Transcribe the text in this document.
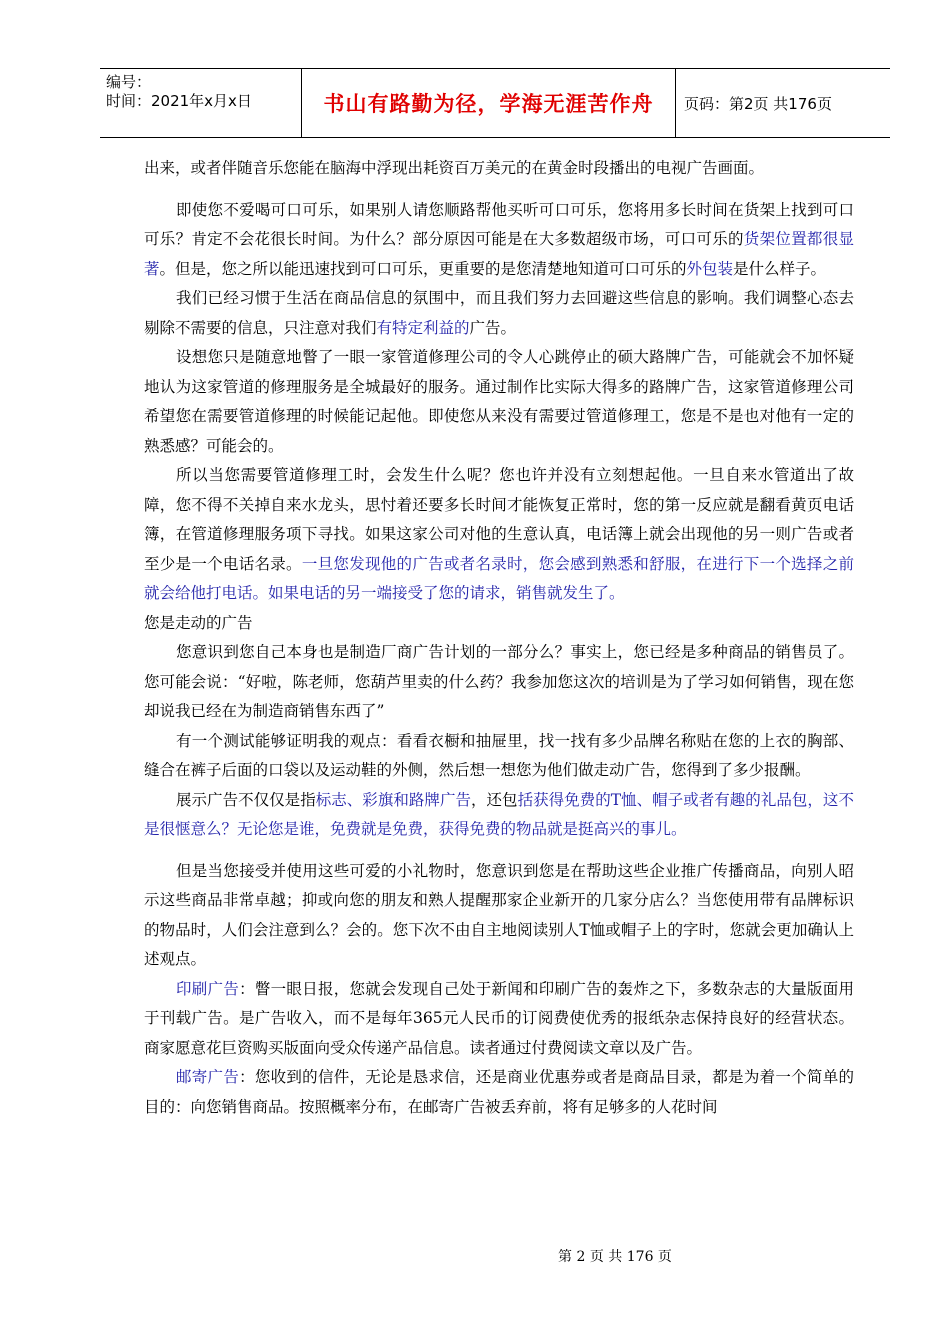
编号：
时间：2021年x月x日	书山有路勤为径，学海无涯苦作舟	页码：第2页 共176页

出来，或者伴随音乐您能在脑海中浮现出耗资百万美元的在黄金时段播出的电视广告画面。

即使您不爱喝可口可乐，如果别人请您顺路帮他买听可口可乐，您将用多长时间在货架上找到可口可乐？肯定不会花很长时间。为什么？部分原因可能是在大多数超级市场，可口可乐的货架位置都很显著。但是，您之所以能迅速找到可口可乐，更重要的是您清楚地知道可口可乐的外包装是什么样子。

我们已经习惯于生活在商品信息的氛围中，而且我们努力去回避这些信息的影响。我们调整心态去剔除不需要的信息，只注意对我们有特定利益的广告。

设想您只是随意地瞥了一眼一家管道修理公司的令人心跳停止的硕大路牌广告，可能就会不加怀疑地认为这家管道的修理服务是全城最好的服务。通过制作比实际大得多的路牌广告，这家管道修理公司希望您在需要管道修理的时候能记起他。即使您从来没有需要过管道修理工，您是不是也对他有一定的熟悉感？可能会的。

所以当您需要管道修理工时，会发生什么呢？您也许并没有立刻想起他。一旦自来水管道出了故障，您不得不关掉自来水龙头，思忖着还要多长时间才能恢复正常时，您的第一反应就是翻看黄页电话簿，在管道修理服务项下寻找。如果这家公司对他的生意认真，电话簿上就会出现他的另一则广告或者至少是一个电话名录。一旦您发现他的广告或者名录时，您会感到熟悉和舒服，在进行下一个选择之前就会给他打电话。如果电话的另一端接受了您的请求，销售就发生了。

您是走动的广告

您意识到您自己本身也是制造厂商广告计划的一部分么？事实上，您已经是多种商品的销售员了。您可能会说：“好啦，陈老师，您葫芦里卖的什么药？我参加您这次的培训是为了学习如何销售，现在您却说我已经在为制造商销售东西了”

有一个测试能够证明我的观点：看看衣橱和抽屉里，找一找有多少品牌名称贴在您的上衣的胸部、缝合在裤子后面的口袋以及运动鞋的外侧，然后想一想您为他们做走动广告，您得到了多少报酬。

展示广告不仅仅是指标志、彩旗和路牌广告，还包括获得免费的T恤、帽子或者有趣的礼品包，这不是很惬意么？无论您是谁，免费就是免费，获得免费的物品就是挺高兴的事儿。

但是当您接受并使用这些可爱的小礼物时，您意识到您是在帮助这些企业推广传播商品，向别人昭示这些商品非常卓越；抑或向您的朋友和熟人提醒那家企业新开的几家分店么？当您使用带有品牌标识的物品时，人们会注意到么？会的。您下次不由自主地阅读别人T恤或帽子上的字时，您就会更加确认上述观点。

印刷广告：瞥一眼日报，您就会发现自己处于新闻和印刷广告的轰炸之下，多数杂志的大量版面用于刊载广告。是广告收入，而不是每年365元人民币的订阅费使优秀的报纸杂志保持良好的经营状态。商家愿意花巨资购买版面向受众传递产品信息。读者通过付费阅读文章以及广告。

邮寄广告：您收到的信件，无论是恳求信，还是商业优惠券或者是商品目录，都是为着一个简单的目的：向您销售商品。按照概率分布，在邮寄广告被丢弃前，将有足够多的人花时间

第 2 页 共 176 页
